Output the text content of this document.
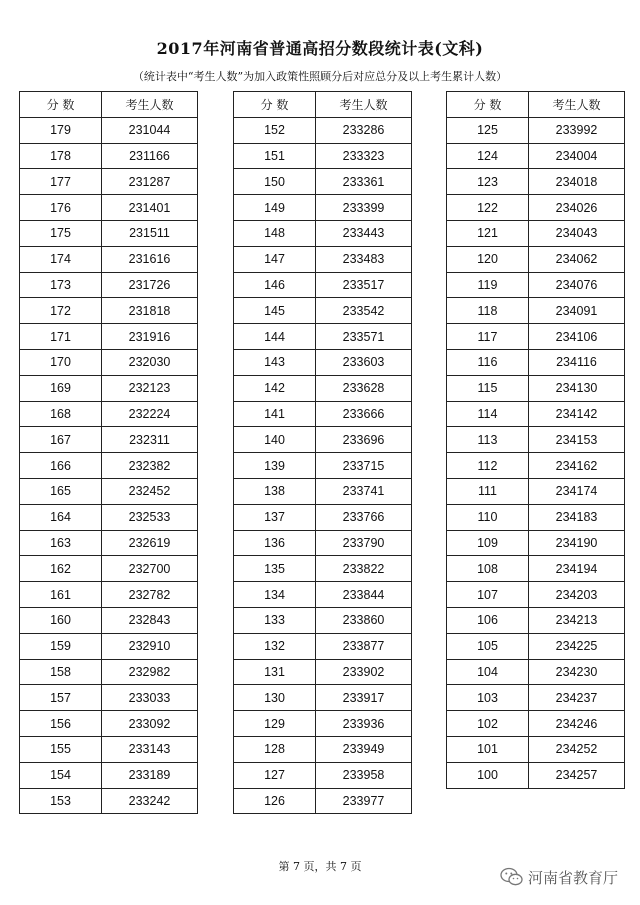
2017年河南省普通高招分数段统计表(文科)
（统计表中“考生人数”为加入政策性照顾分后对应总分及以上考生累计人数）
分 数	考生人数
179	231044
178	231166
177	231287
176	231401
175	231511
174	231616
173	231726
172	231818
171	231916
170	232030
169	232123
168	232224
167	232311
166	232382
165	232452
164	232533
163	232619
162	232700
161	232782
160	232843
159	232910
158	232982
157	233033
156	233092
155	233143
154	233189
153	233242
分 数	考生人数
152	233286
151	233323
150	233361
149	233399
148	233443
147	233483
146	233517
145	233542
144	233571
143	233603
142	233628
141	233666
140	233696
139	233715
138	233741
137	233766
136	233790
135	233822
134	233844
133	233860
132	233877
131	233902
130	233917
129	233936
128	233949
127	233958
126	233977
分 数	考生人数
125	233992
124	234004
123	234018
122	234026
121	234043
120	234062
119	234076
118	234091
117	234106
116	234116
115	234130
114	234142
113	234153
112	234162
111	234174
110	234183
109	234190
108	234194
107	234203
106	234213
105	234225
104	234230
103	234237
102	234246
101	234252
100	234257
第 7 页，共 7 页
河南省教育厅
